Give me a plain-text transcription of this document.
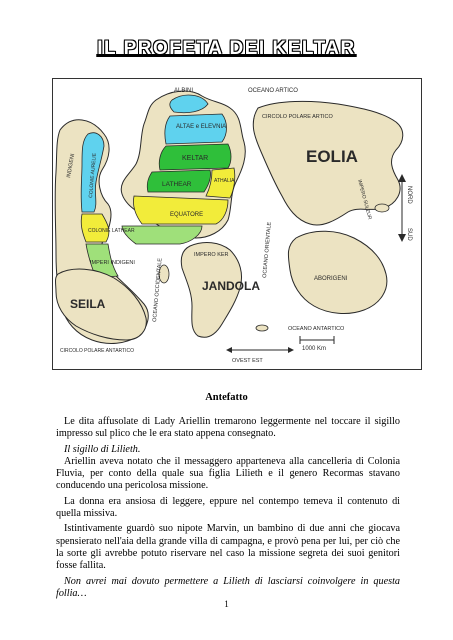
IL PROFETA DEI KELTAR
NORD
SUD
ALBINI	OCEANO ARTICO
CIRCOLO POLARE ARTICO
ALTAE e ELEVNIA
KELTAR
ATHALIA
LATHEAR
INDIGENI COLONIE AURELIE
COLONIE LATHEAR
IMPERI INDIGENI
EQUATORE
IMPERO KER
OCEANO OCCIDENTALE
OCEANO ORIENTALE
EOLIA
IMPERO SULZUR
JANDOLA
SEILA
ABORIGENI
OCEANO ANTARTICO
CIRCOLO POLARE ANTARTICO
OVEST EST
1000 Km
Antefatto

Le dita affusolate di Lady Ariellin tremarono leggermente nel toccare il sigillo impresso sul plico che le era stato appena consegnato.

Il sigillo di Lilieth.

Ariellin aveva notato che il messaggero apparteneva alla cancelleria di Colonia Fluvia, per conto della quale sua figlia Lilieth e il genero Recormas stavano conducendo una pericolosa missione.

La donna era ansiosa di leggere, eppure nel contempo temeva il contenuto di quella missiva.

Istintivamente guardò suo nipote Marvin, un bambino di due anni che giocava spensierato nell'aia della grande villa di campagna, e provò pena per lui, per ciò che la sorte gli avrebbe potuto riservare nel caso la missione segreta dei suoi genitori fosse fallita.

Non avrei mai dovuto permettere a Lilieth di lasciarsi coinvolgere in questa follia…

1
